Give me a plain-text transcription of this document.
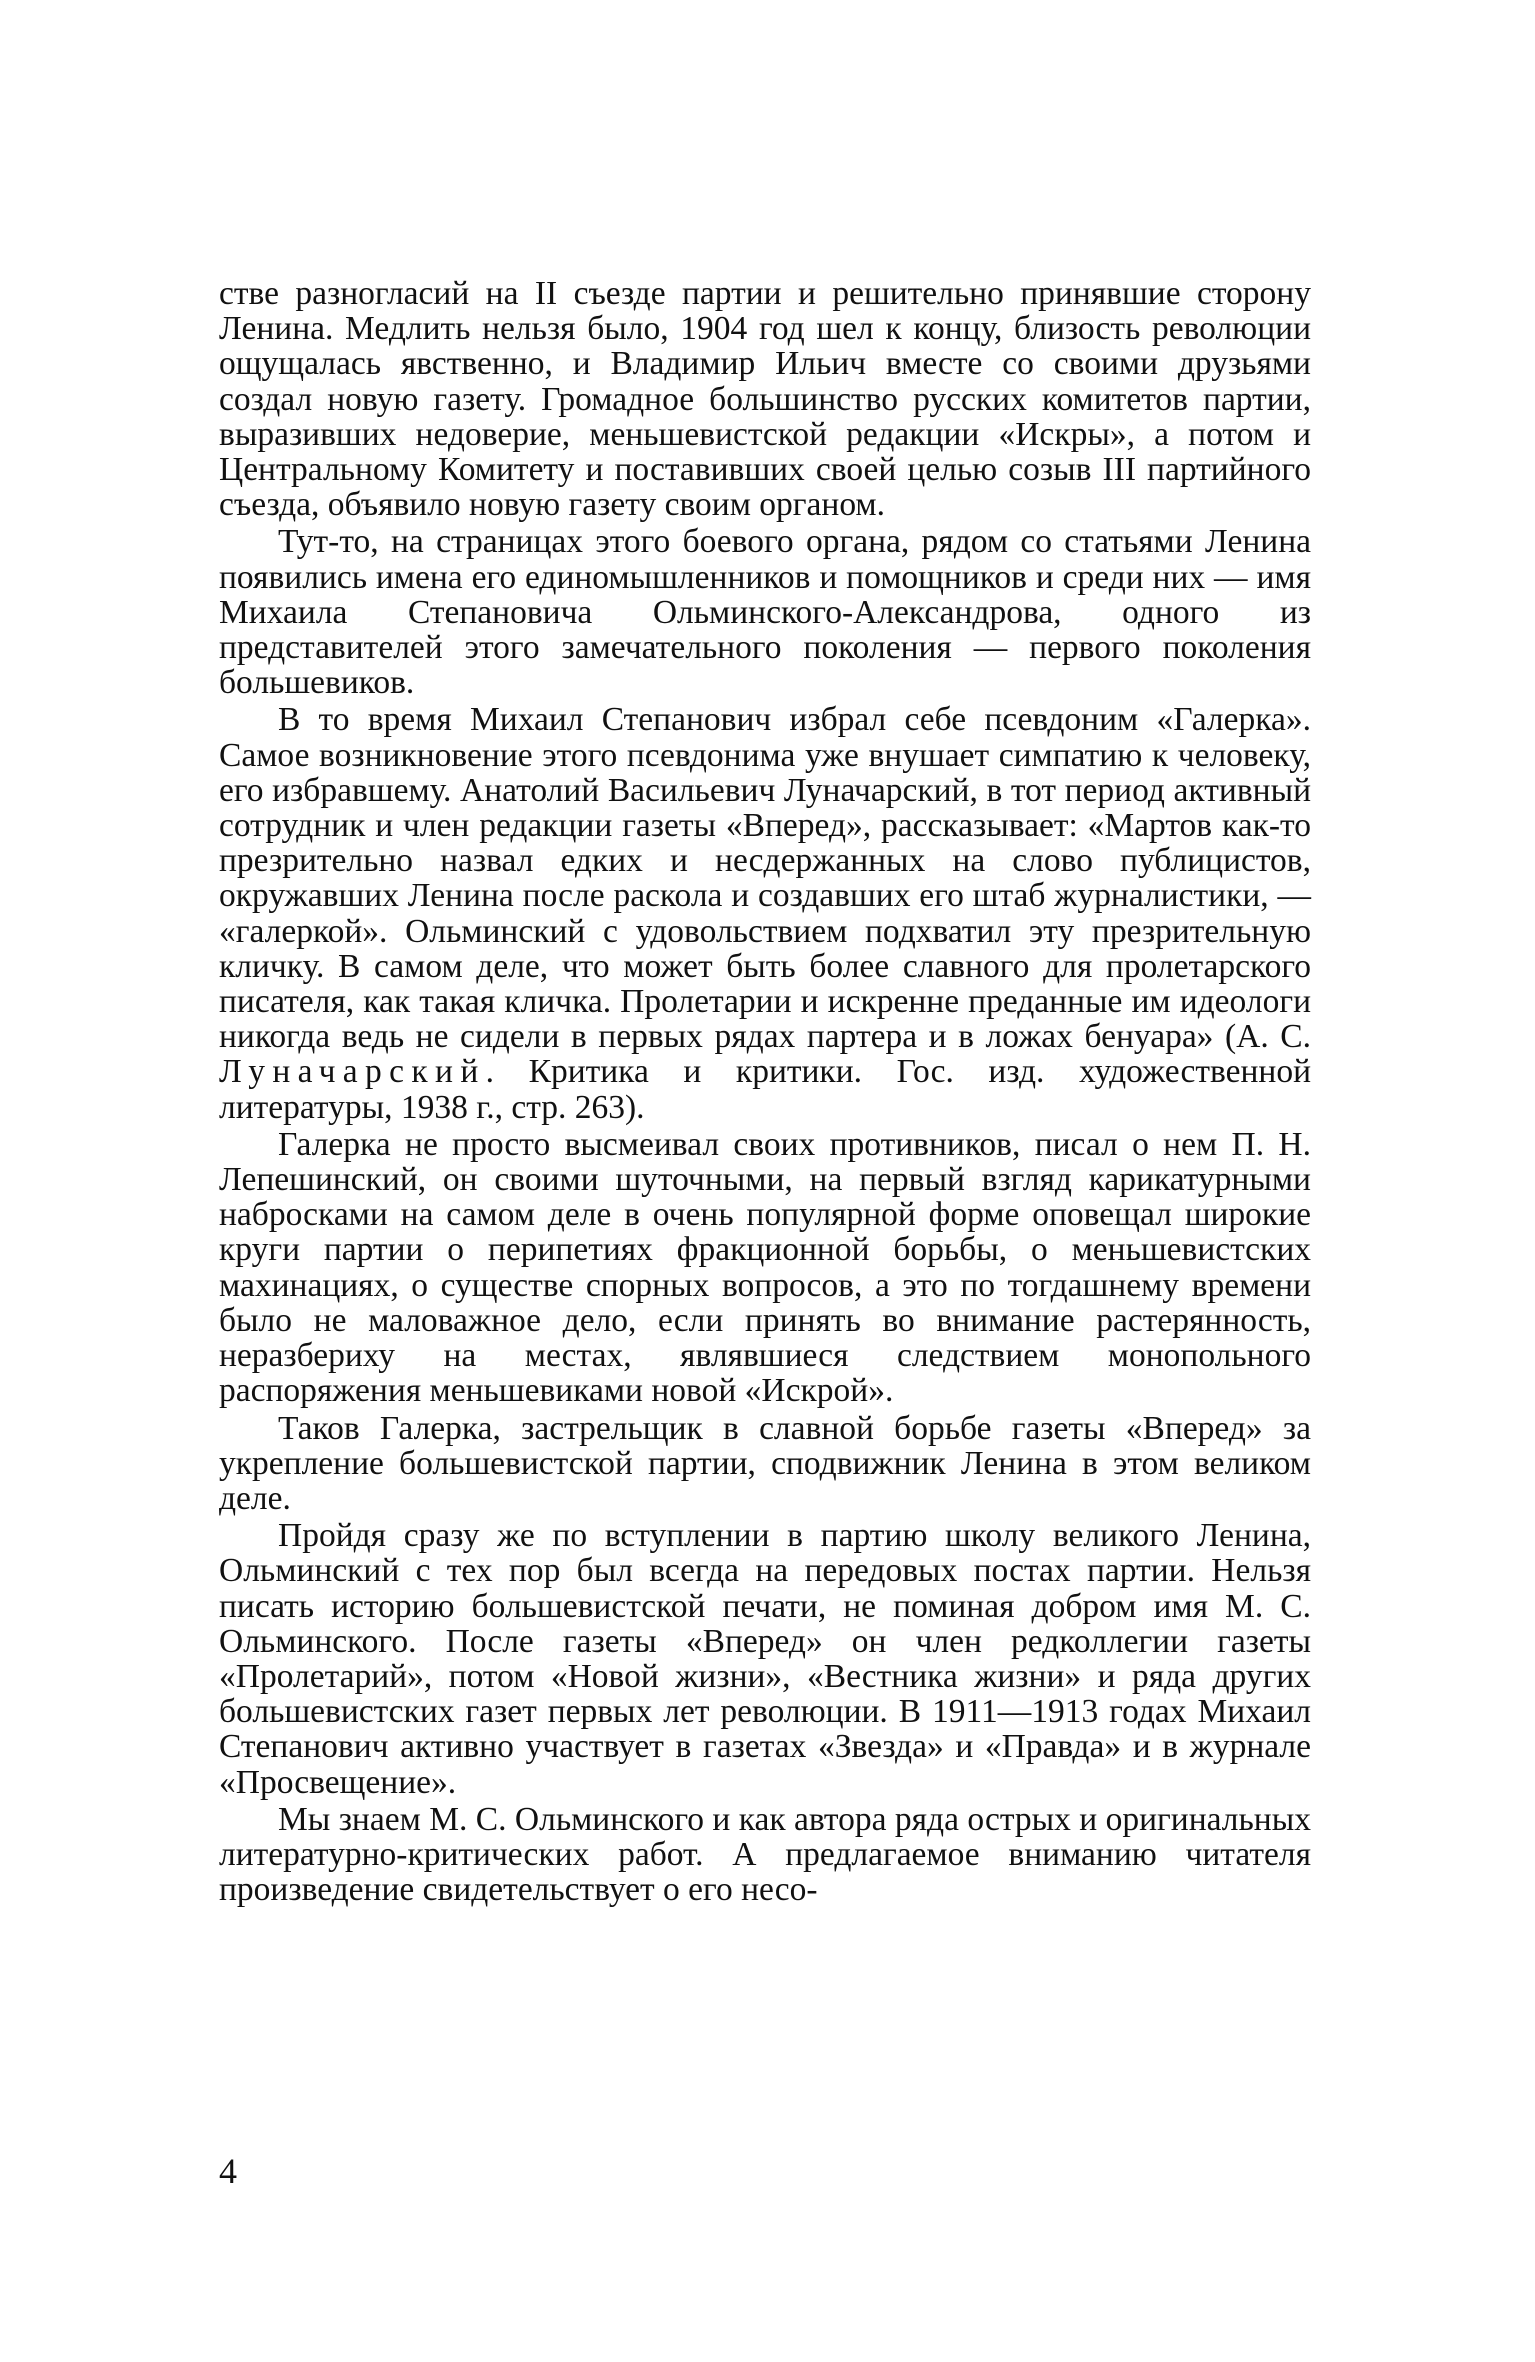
стве разногласий на II съезде партии и решительно принявшие сторону Ленина. Медлить нельзя было, 1904 год шел к концу, близость революции ощущалась явственно, и Владимир Ильич вместе со своими друзьями создал новую газету. Громадное большинство русских комитетов партии, выразивших недоверие, меньшевистской редакции «Искры», а потом и Центральному Комитету и поставивших своей целью созыв III партийного съезда, объявило новую газету своим органом.

Тут-то, на страницах этого боевого органа, рядом со статьями Ленина появились имена его единомышленников и помощников и среди них — имя Михаила Степановича Ольминского-Александрова, одного из представителей этого замечательного поколения — первого поколения большевиков.

В то время Михаил Степанович избрал себе псевдоним «Галерка». Самое возникновение этого псевдонима уже внушает симпатию к человеку, его избравшему. Анатолий Васильевич Луначарский, в тот период активный сотрудник и член редакции газеты «Вперед», рассказывает: «Мартов как-то презрительно назвал едких и несдержанных на слово публицистов, окружавших Ленина после раскола и создавших его штаб журналистики, — «галеркой». Ольминский с удовольствием подхватил эту презрительную кличку. В самом деле, что может быть более славного для пролетарского писателя, как такая кличка. Пролетарии и искренне преданные им идеологи никогда ведь не сидели в первых рядах партера и в ложах бенуара» (А. С. Луначарский. Критика и критики. Гос. изд. художественной литературы, 1938 г., стр. 263).

Галерка не просто высмеивал своих противников, писал о нем П. Н. Лепешинский, он своими шуточными, на первый взгляд карикатурными набросками на самом деле в очень популярной форме оповещал широкие круги партии о перипетиях фракционной борьбы, о меньшевистских махинациях, о существе спорных вопросов, а это по тогдашнему времени было не маловажное дело, если принять во внимание растерянность, неразбериху на местах, являвшиеся следствием монопольного распоряжения меньшевиками новой «Искрой».

Таков Галерка, застрельщик в славной борьбе газеты «Вперед» за укрепление большевистской партии, сподвижник Ленина в этом великом деле.

Пройдя сразу же по вступлении в партию школу великого Ленина, Ольминский с тех пор был всегда на передовых постах партии. Нельзя писать историю большевистской печати, не поминая добром имя М. С. Ольминского. После газеты «Вперед» он член редколлегии газеты «Пролетарий», потом «Новой жизни», «Вестника жизни» и ряда других большевистских газет первых лет революции. В 1911—1913 годах Михаил Степанович активно участвует в газетах «Звезда» и «Правда» и в журнале «Просвещение».

Мы знаем М. С. Ольминского и как автора ряда острых и оригинальных литературно-критических работ. А предлагаемое вниманию читателя произведение свидетельствует о его несо-

4
